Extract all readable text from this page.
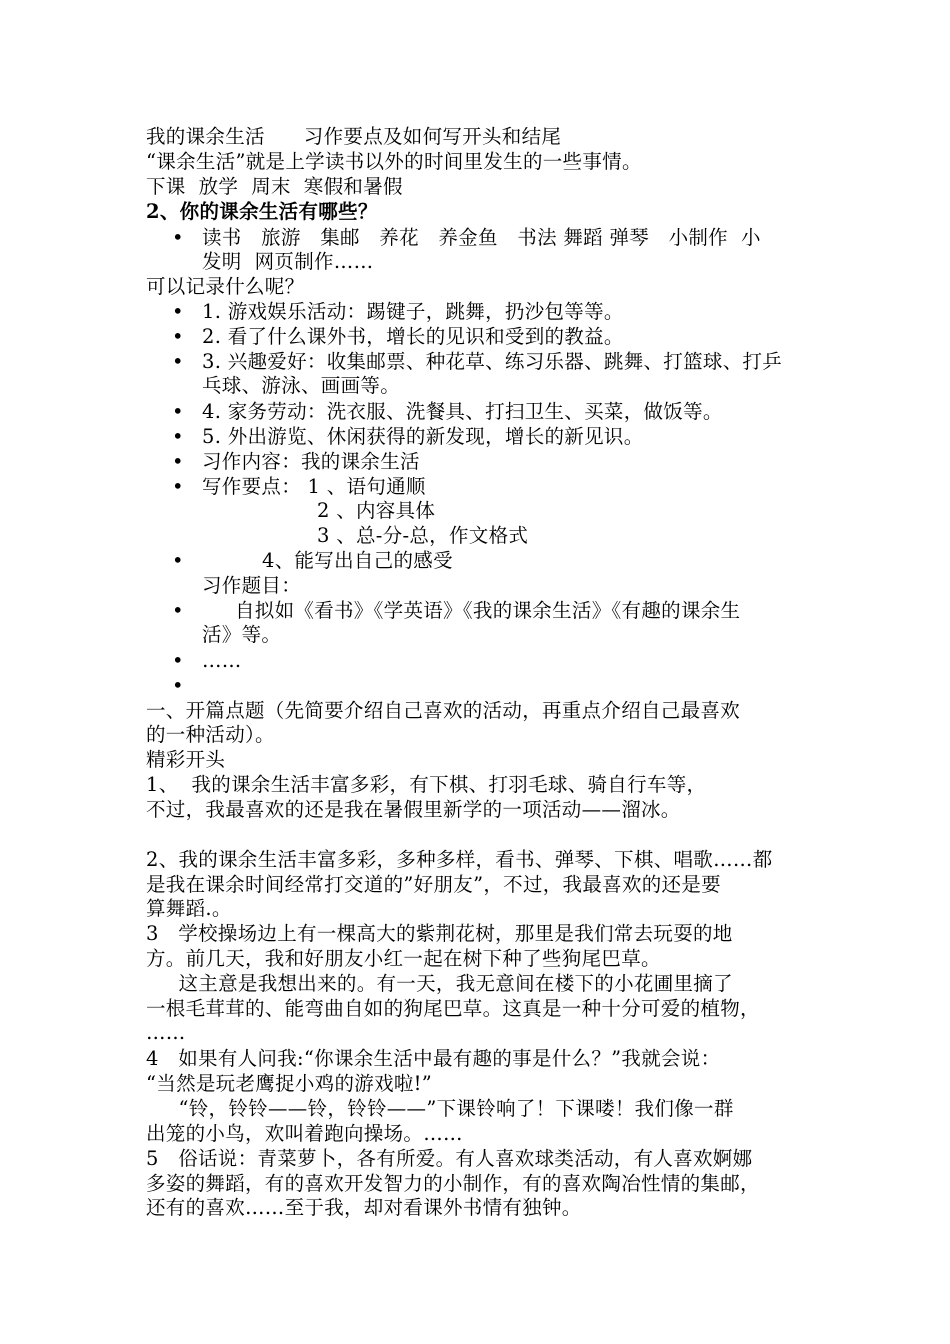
我的课余生活      习作要点及如何写开头和结尾
“课余生活”就是上学读书以外的时间里发生的一些事情。
下课  放学  周末  寒假和暑假
2、你的课余生活有哪些？
• 读书   旅游   集邮   养花   养金鱼   书法 舞蹈 弹琴   小制作  小
发明  网页制作……
可以记录什么呢？
• 1. 游戏娱乐活动：踢键子，跳舞，扔沙包等等。
• 2. 看了什么课外书，增长的见识和受到的教益。
• 3. 兴趣爱好：收集邮票、种花草、练习乐器、跳舞、打篮球、打乒
乓球、游泳、画画等。
• 4. 家务劳动：洗衣服、洗餐具、打扫卫生、买菜，做饭等。
• 5. 外出游览、休闲获得的新发现，增长的新见识。
• 习作内容：我的课余生活
• 写作要点： 1 、语句通顺
2 、内容具体
3 、总-分-总，作文格式
•	4、能写出自己的感受
习作题目：
•	自拟如《看书》《学英语》《我的课余生活》《有趣的课余生
活》等。
• ……
•
一、开篇点题（先简要介绍自己喜欢的活动，再重点介绍自己最喜欢
的一种活动）。
精彩开头
1、  我的课余生活丰富多彩，有下棋、打羽毛球、骑自行车等，
不过，我最喜欢的还是我在暑假里新学的一项活动——溜冰。
2、我的课余生活丰富多彩，多种多样，看书、弹琴、下棋、唱歌……都
是我在课余时间经常打交道的”好朋友”，不过，我最喜欢的还是要
算舞蹈.。
3   学校操场边上有一棵高大的紫荆花树，那里是我们常去玩耍的地
方。前几天，我和好朋友小红一起在树下种了些狗尾巴草。
这主意是我想出来的。有一天，我无意间在楼下的小花圃里摘了
一根毛茸茸的、能弯曲自如的狗尾巴草。这真是一种十分可爱的植物，
……
4   如果有人问我:“你课余生活中最有趣的事是什么？”我就会说：
“当然是玩老鹰捉小鸡的游戏啦!”
“铃，铃铃——铃，铃铃——”下课铃响了！下课喽！我们像一群
出笼的小鸟，欢叫着跑向操场。……
5   俗话说：青菜萝卜，各有所爱。有人喜欢球类活动，有人喜欢婀娜
多姿的舞蹈，有的喜欢开发智力的小制作，有的喜欢陶冶性情的集邮，
还有的喜欢……至于我，却对看课外书情有独钟。
